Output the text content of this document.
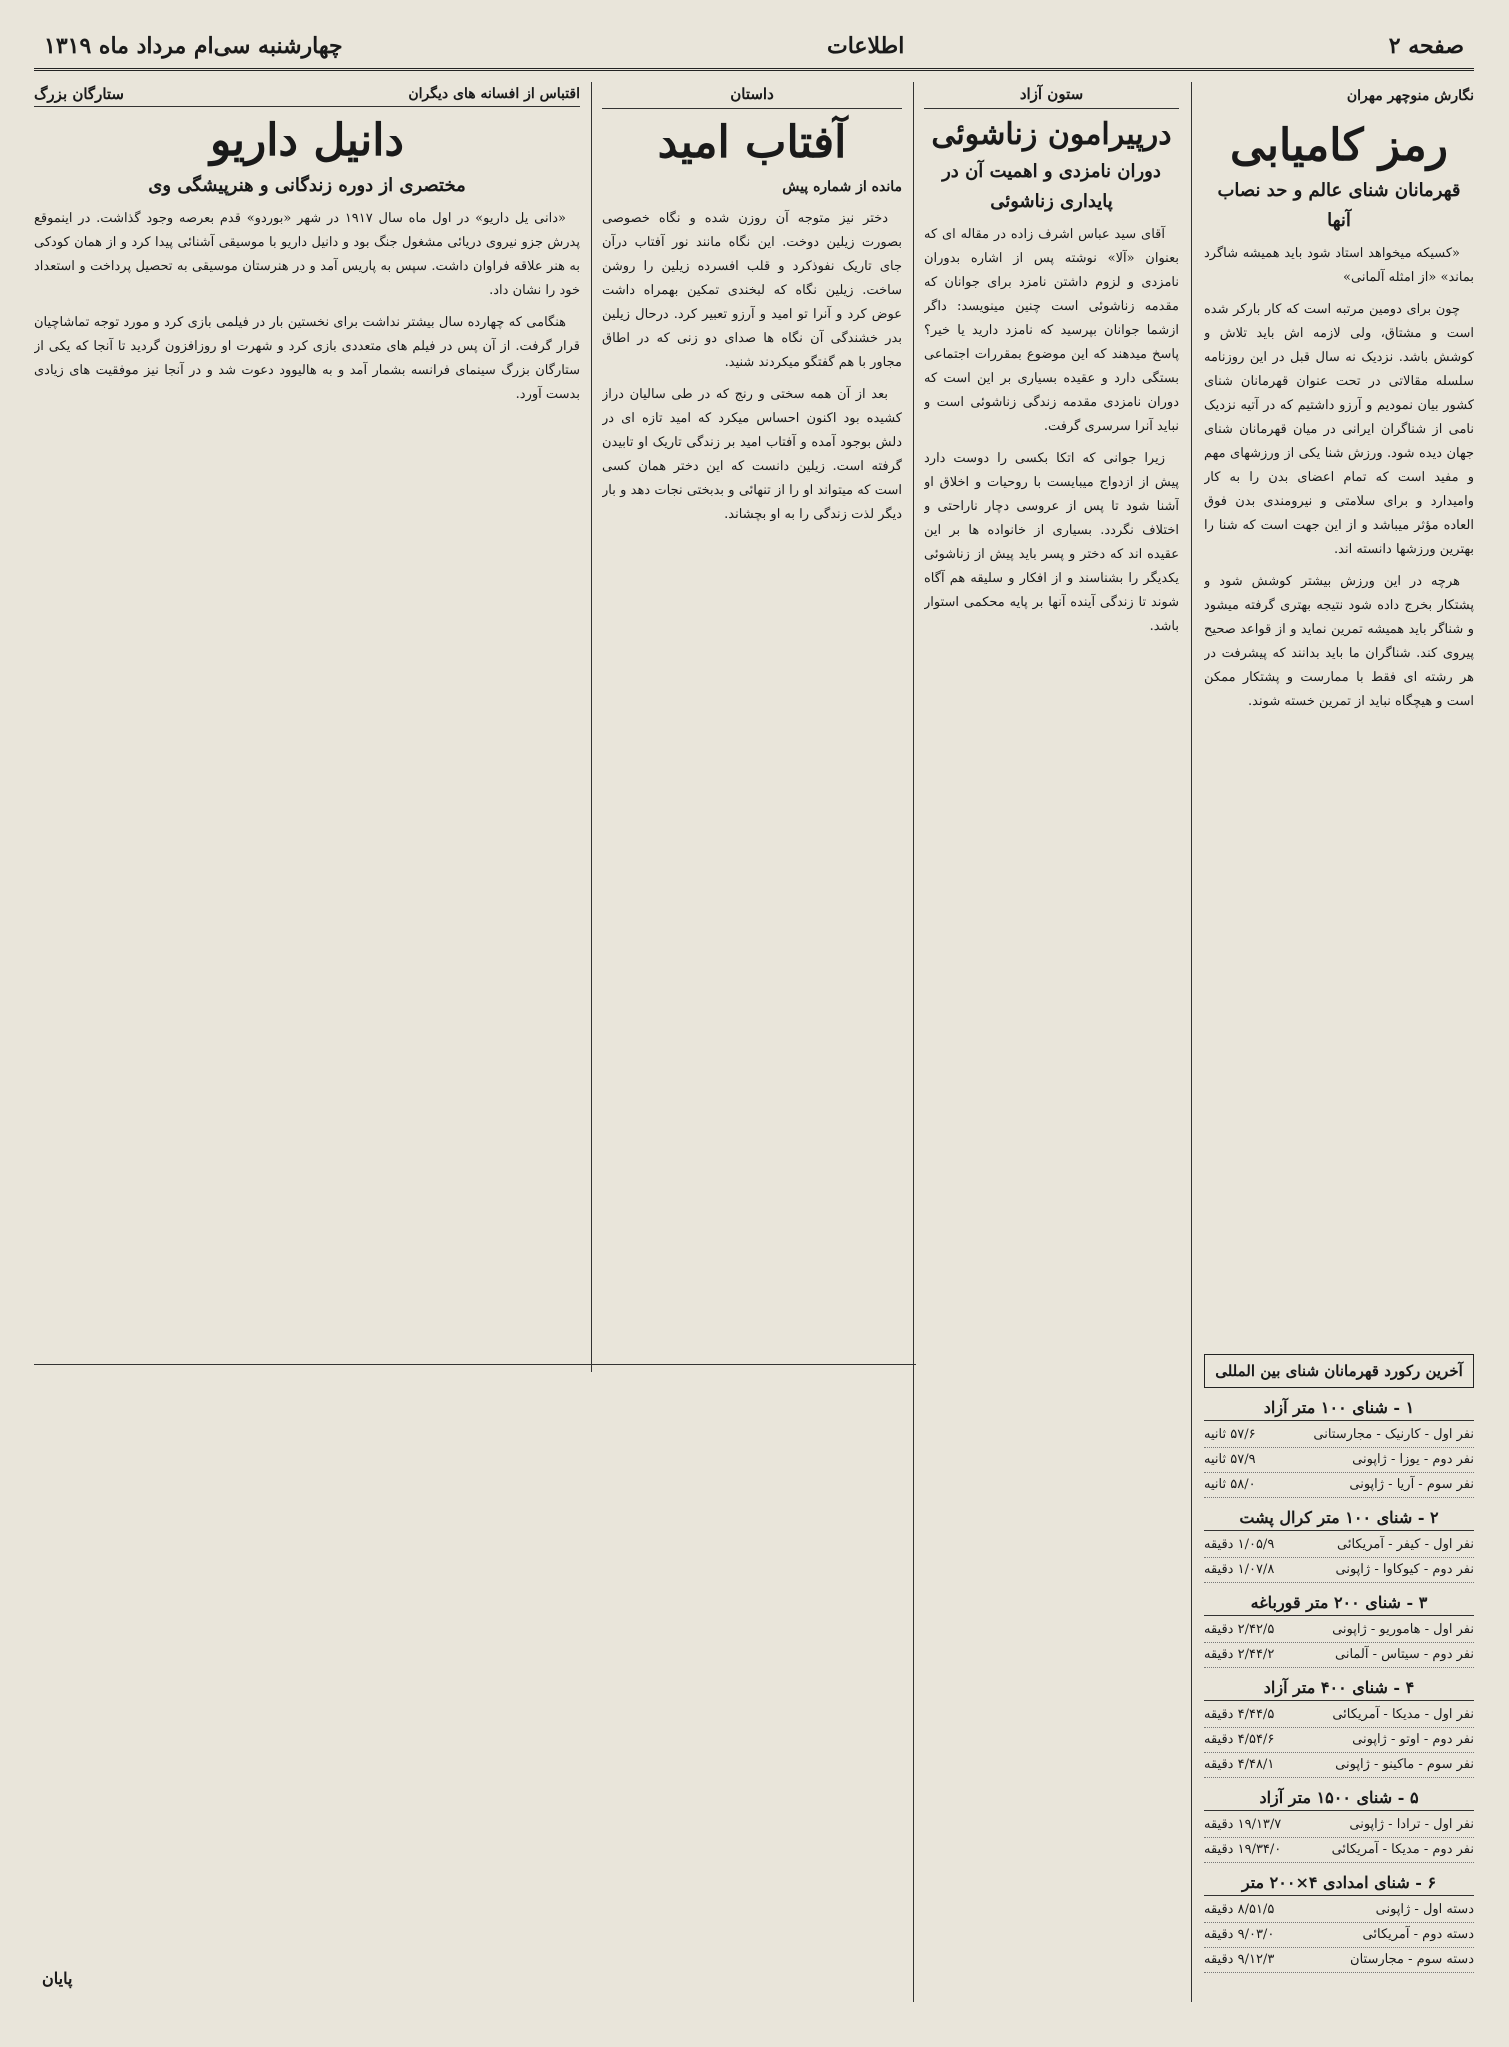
صفحه ۲
اطلاعات
چهارشنبه سی‌ام مرداد ماه ۱۳۱۹
نگارش منوچهر مهران
رمز کامیابی
قهرمانان شنای عالم و حد نصاب آنها

«کسیکه میخواهد استاد شود باید همیشه شاگرد بماند» «از امثله آلمانی»

چون برای دومین مرتبه است که کار بارکر شده است و مشتاق، ولی لازمه اش باید تلاش و کوشش باشد. نزدیک نه سال قبل در این روزنامه سلسله مقالاتی در تحت عنوان قهرمانان شنای کشور بیان نمودیم و آرزو داشتیم که در آتیه نزدیک نامی از شناگران ایرانی در میان قهرمانان شنای جهان دیده شود. ورزش شنا یکی از ورزشهای مهم و مفید است که تمام اعضای بدن را به کار وامیدارد و برای سلامتی و نیرومندی بدن فوق العاده مؤثر میباشد و از این جهت است که شنا را بهترین ورزشها دانسته اند.

هرچه در این ورزش بیشتر کوشش شود و پشتکار بخرج داده شود نتیجه بهتری گرفته میشود و شناگر باید همیشه تمرین نماید و از قواعد صحیح پیروی کند. شناگران ما باید بدانند که پیشرفت در هر رشته ای فقط با ممارست و پشتکار ممکن است و هیچگاه نباید از تمرین خسته شوند.

آخرین رکورد قهرمانان شنای بین المللی
۱ - شنای ۱۰۰ متر آزاد
نفر اول - کارنیک - مجارستانی
۵۷/۶ ثانیه
نفر دوم - یوزا - ژاپونی
۵۷/۹ ثانیه
نفر سوم - آریا - ژاپونی
۵۸/۰ ثانیه
۲ - شنای ۱۰۰ متر کرال پشت
نفر اول - کیفر - آمریکائی
۱/۰۵/۹ دقیقه
نفر دوم - کیوکاوا - ژاپونی
۱/۰۷/۸ دقیقه
۳ - شنای ۲۰۰ متر قورباغه
نفر اول - هاموریو - ژاپونی
۲/۴۲/۵ دقیقه
نفر دوم - سیتاس - آلمانی
۲/۴۴/۲ دقیقه
۴ - شنای ۴۰۰ متر آزاد
نفر اول - مدیکا - آمریکائی
۴/۴۴/۵ دقیقه
نفر دوم - اوتو - ژاپونی
۴/۵۴/۶ دقیقه
نفر سوم - ماکینو - ژاپونی
۴/۴۸/۱ دقیقه
۵ - شنای ۱۵۰۰ متر آزاد
نفر اول - ترادا - ژاپونی
۱۹/۱۳/۷ دقیقه
نفر دوم - مدیکا - آمریکائی
۱۹/۳۴/۰ دقیقه
۶ - شنای امدادی ۴×۲۰۰ متر
دسته اول - ژاپونی
۸/۵۱/۵ دقیقه
دسته دوم - آمریکائی
۹/۰۳/۰ دقیقه
دسته سوم - مجارستان
۹/۱۲/۳ دقیقه
ستون آزاد
درپیرامون زناشوئی
دوران نامزدی و اهمیت آن در پایداری زناشوئی

آقای سید عباس اشرف زاده در مقاله ای که بعنوان «آلا» نوشته پس از اشاره بدوران نامزدی و لزوم داشتن نامزد برای جوانان که مقدمه زناشوئی است چنین مینویسد: داگر ازشما جوانان بپرسید که نامزد دارید یا خیر؟ پاسخ میدهند که این موضوع بمقررات اجتماعی بستگی دارد و عقیده بسیاری بر این است که دوران نامزدی مقدمه زندگی زناشوئی است و نباید آنرا سرسری گرفت.

زیرا جوانی که اتکا بکسی را دوست دارد پیش از ازدواج میبایست با روحیات و اخلاق او آشنا شود تا پس از عروسی دچار ناراحتی و اختلاف نگردد. بسیاری از خانواده ها بر این عقیده اند که دختر و پسر باید پیش از زناشوئی یکدیگر را بشناسند و از افکار و سلیقه هم آگاه شوند تا زندگی آینده آنها بر پایه محکمی استوار باشد.

داستان
آفتاب امید
مانده از شماره پیش

دختر نیز متوجه آن روزن شده و نگاه خصوصی بصورت زیلین دوخت. این نگاه مانند نور آفتاب درآن جای تاریک نفوذکرد و قلب افسرده زیلین را روشن ساخت. زیلین نگاه که لبخندی تمکین بهمراه داشت عوض کرد و آنرا تو امید و آرزو تعبیر کرد. درحال زیلین بدر خشندگی آن نگاه ها صدای دو زنی که در اطاق مجاور با هم گفتگو میکردند شنید.

بعد از آن همه سختی و رنج که در طی سالیان دراز کشیده بود اکنون احساس میکرد که امید تازه ای در دلش بوجود آمده و آفتاب امید بر زندگی تاریک او تابیدن گرفته است. زیلین دانست که این دختر همان کسی است که میتواند او را از تنهائی و بدبختی نجات دهد و بار دیگر لذت زندگی را به او بچشاند.

اقتباس از افسانه های دیگران
ستارگان بزرگ
دانیل داریو
مختصری از دوره زندگانی و هنرپیشگی وی

«دانی یل داریو» در اول ماه سال ۱۹۱۷ در شهر «بوردو» قدم بعرصه وجود گذاشت. در اینموقع پدرش جزو نیروی دریائی مشغول جنگ بود و دانیل داریو با موسیقی آشنائی پیدا کرد و از همان کودکی به هنر علاقه فراوان داشت. سپس به پاریس آمد و در هنرستان موسیقی به تحصیل پرداخت و استعداد خود را نشان داد.

هنگامی که چهارده سال بیشتر نداشت برای نخستین بار در فیلمی بازی کرد و مورد توجه تماشاچیان قرار گرفت. از آن پس در فیلم های متعددی بازی کرد و شهرت او روزافزون گردید تا آنجا که یکی از ستارگان بزرگ سینمای فرانسه بشمار آمد و به هالیوود دعوت شد و در آنجا نیز موفقیت های زیادی بدست آورد.

پایان
